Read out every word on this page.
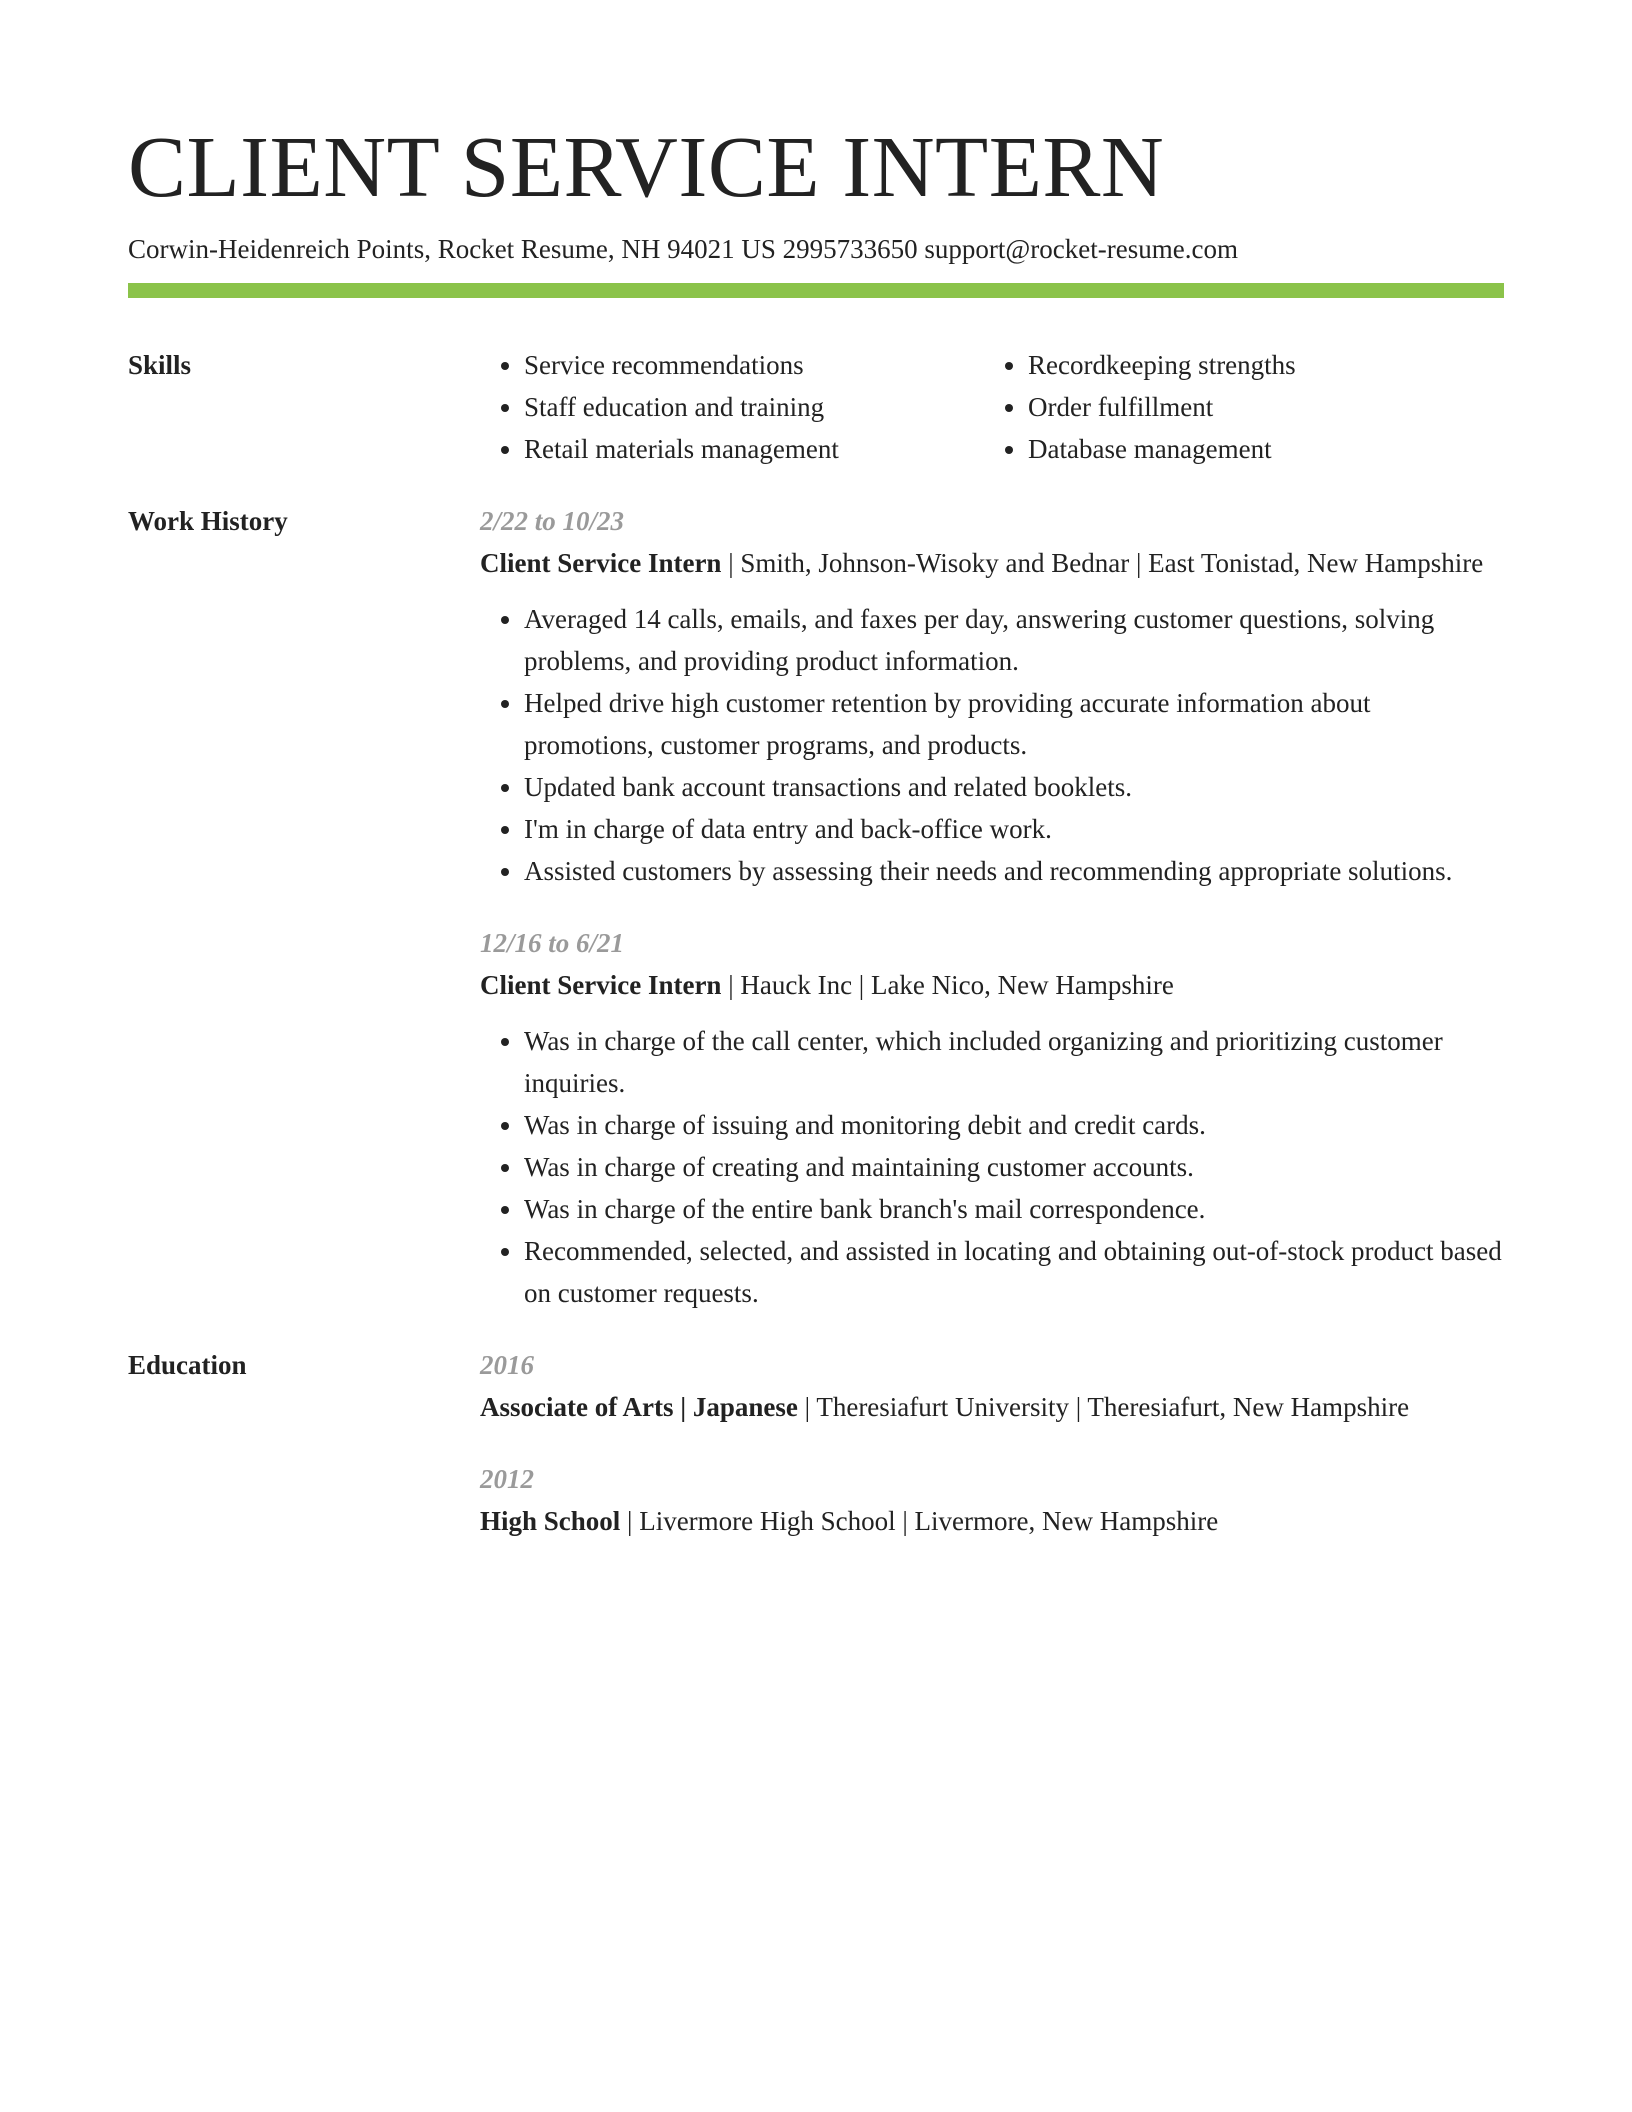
CLIENT SERVICE INTERN
Corwin-Heidenreich Points, Rocket Resume, NH 94021 US 2995733650 support@rocket-resume.com
Skills
•	Service recommendations
• Staff education and training
• Retail materials management
• Recordkeeping strengths
• Order fulfillment
• Database management
Work History	2/22 to 10/23
Client Service Intern | Smith, Johnson-Wisoky and Bednar | East Tonistad, New Hampshire
• Averaged 14 calls, emails, and faxes per day, answering customer questions, solving problems, and providing product information.
• Helped drive high customer retention by providing accurate information about promotions, customer programs, and products.
• Updated bank account transactions and related booklets.
• I'm in charge of data entry and back-office work.
• Assisted customers by assessing their needs and recommending appropriate solutions.
12/16 to 6/21
Client Service Intern | Hauck Inc | Lake Nico, New Hampshire
• Was in charge of the call center, which included organizing and prioritizing customer inquiries.
• Was in charge of issuing and monitoring debit and credit cards.
• Was in charge of creating and maintaining customer accounts.
• Was in charge of the entire bank branch's mail correspondence.
• Recommended, selected, and assisted in locating and obtaining out-of-stock product based on customer requests.
Education	2016
Associate of Arts | Japanese | Theresiafurt University | Theresiafurt, New Hampshire
2012
High School | Livermore High School | Livermore, New Hampshire
